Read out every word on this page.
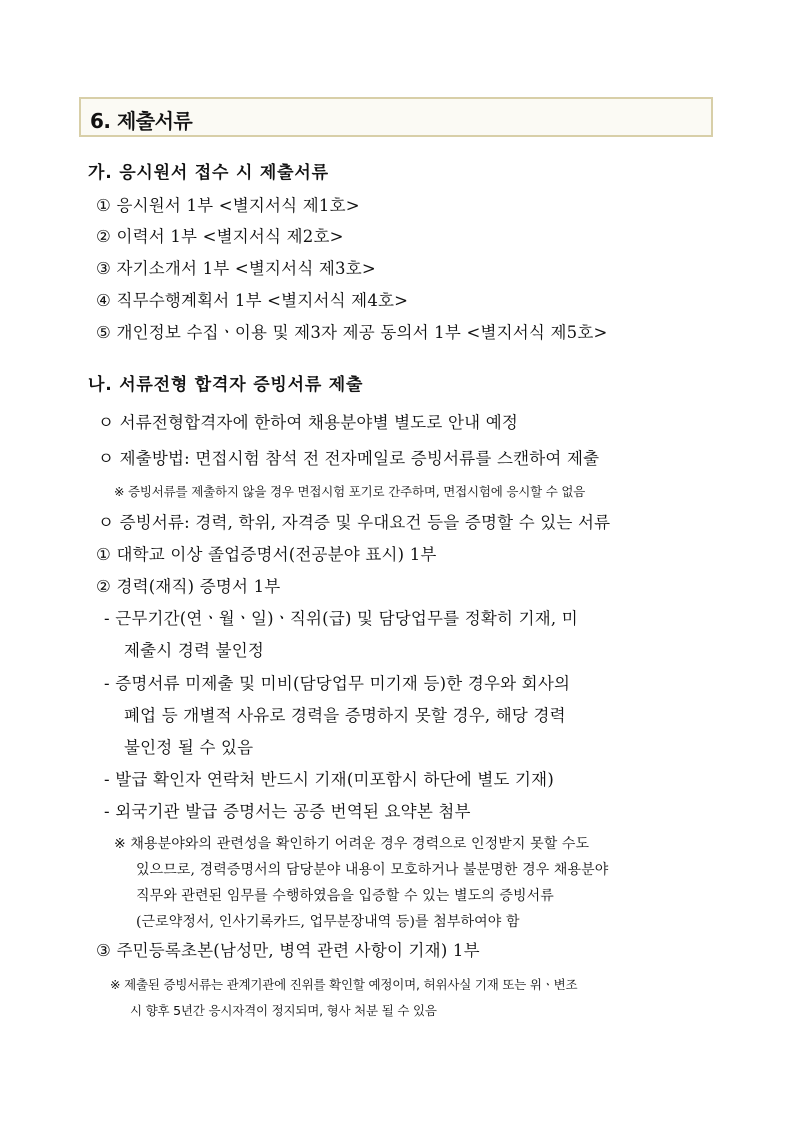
6. 제출서류
가. 응시원서 접수 시 제출서류
① 응시원서 1부 <별지서식 제1호>
② 이력서 1부 <별지서식 제2호>
③ 자기소개서 1부 <별지서식 제3호>
④ 직무수행계획서 1부 <별지서식 제4호>
⑤ 개인정보 수집ㆍ이용 및 제3자 제공 동의서 1부 <별지서식 제5호>
나. 서류전형 합격자 증빙서류 제출
ㅇ 서류전형합격자에 한하여 채용분야별 별도로 안내 예정
ㅇ 제출방법: 면접시험 참석 전 전자메일로 증빙서류를 스캔하여 제출
※ 증빙서류를 제출하지 않을 경우 면접시험 포기로 간주하며, 면접시험에 응시할 수 없음
ㅇ 증빙서류: 경력, 학위, 자격증 및 우대요건 등을 증명할 수 있는 서류
① 대학교 이상 졸업증명서(전공분야 표시) 1부
② 경력(재직) 증명서 1부
- 근무기간(연ㆍ월ㆍ일)ㆍ직위(급) 및 담당업무를 정확히 기재, 미
제출시 경력 불인정
- 증명서류 미제출 및 미비(담당업무 미기재 등)한 경우와 회사의
폐업 등 개별적 사유로 경력을 증명하지 못할 경우, 해당 경력
불인정 될 수 있음
- 발급 확인자 연락처 반드시 기재(미포함시 하단에 별도 기재)
- 외국기관 발급 증명서는 공증 번역된 요약본 첨부
※ 채용분야와의 관련성을 확인하기 어려운 경우 경력으로 인정받지 못할 수도
있으므로, 경력증명서의 담당분야 내용이 모호하거나 불분명한 경우 채용분야
직무와 관련된 임무를 수행하였음을 입증할 수 있는 별도의 증빙서류
(근로약정서, 인사기록카드, 업무분장내역 등)를 첨부하여야 함
③ 주민등록초본(남성만, 병역 관련 사항이 기재) 1부
※ 제출된 증빙서류는 관계기관에 진위를 확인할 예정이며, 허위사실 기재 또는 위ㆍ변조
시 향후 5년간 응시자격이 정지되며, 형사 처분 될 수 있음
